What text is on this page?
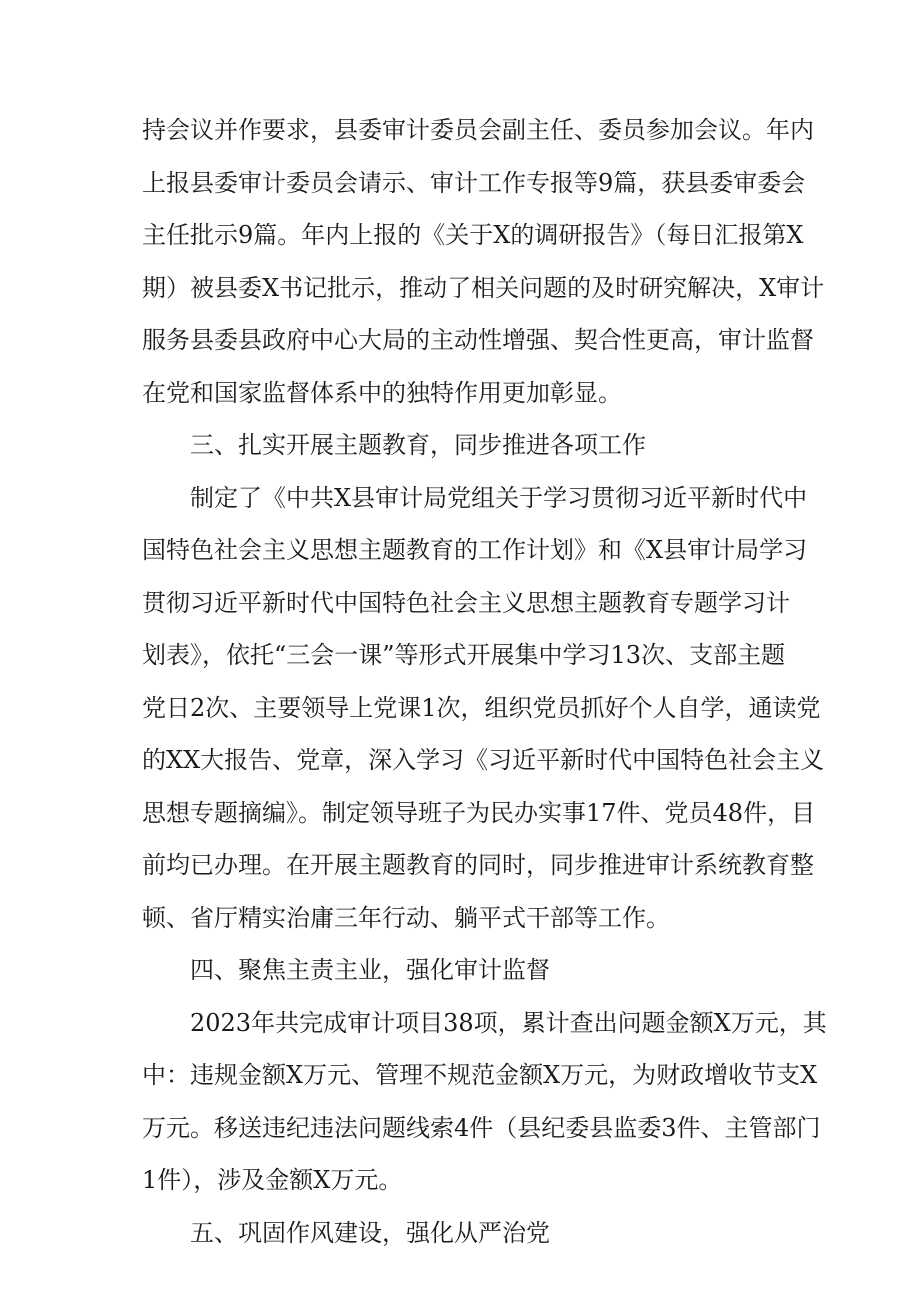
持会议并作要求，县委审计委员会副主任、委员参加会议。年内
上报县委审计委员会请示、审计工作专报等9篇，获县委审委会
主任批示9篇。年内上报的《关于X的调研报告》（每日汇报第X
期）被县委X书记批示，推动了相关问题的及时研究解决，X审计
服务县委县政府中心大局的主动性增强、契合性更高，审计监督
在党和国家监督体系中的独特作用更加彰显。
三、扎实开展主题教育，同步推进各项工作
制定了《中共X县审计局党组关于学习贯彻习近平新时代中
国特色社会主义思想主题教育的工作计划》和《X县审计局学习
贯彻习近平新时代中国特色社会主义思想主题教育专题学习计
划表》，依托“三会一课”等形式开展集中学习13次、支部主题
党日2次、主要领导上党课1次，组织党员抓好个人自学，通读党
的XX大报告、党章，深入学习《习近平新时代中国特色社会主义
思想专题摘编》。制定领导班子为民办实事17件、党员48件，目
前均已办理。在开展主题教育的同时，同步推进审计系统教育整
顿、省厅精实治庸三年行动、躺平式干部等工作。
四、聚焦主责主业，强化审计监督
2023年共完成审计项目38项，累计查出问题金额X万元，其
中：违规金额X万元、管理不规范金额X万元，为财政增收节支X
万元。移送违纪违法问题线索4件（县纪委县监委3件、主管部门
1件），涉及金额X万元。
五、巩固作风建设，强化从严治党
